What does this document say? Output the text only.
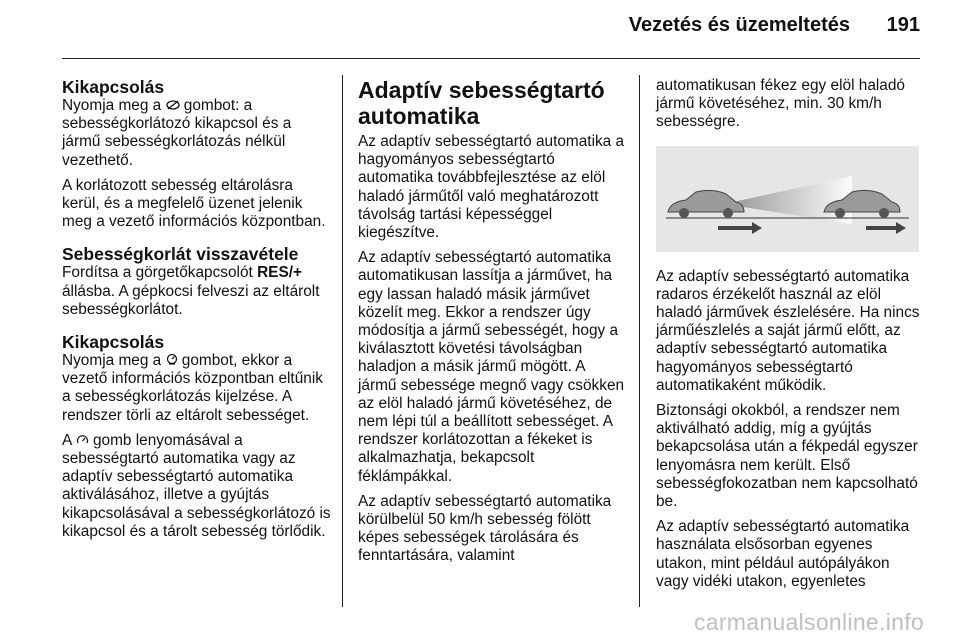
Vezetés és üzemeltetés 191
Kikapcsolás

Nyomja meg a  gombot: a sebességkorlátozó kikapcsol és a jármű sebességkorlátozás nélkül vezethető.

A korlátozott sebesség eltárolásra kerül, és a megfelelő üzenet jelenik meg a vezető információs központban.

Sebességkorlát visszavétele

Fordítsa a görgetőkapcsolót RES/+ állásba. A gépkocsi felveszi az eltárolt sebességkorlátot.

Kikapcsolás

Nyomja meg a  gombot, ekkor a vezető információs központban eltűnik a sebességkorlátozás kijelzése. A rendszer törli az eltárolt sebességet.

A  gomb lenyomásával a sebességtartó automatika vagy az adaptív sebességtartó automatika aktiválásához, illetve a gyújtás kikapcsolásával a sebességkorlátozó is kikapcsol és a tárolt sebesség törlődik.

Adaptív sebességtartó automatika

Az adaptív sebességtartó automatika a hagyományos sebességtartó automatika továbbfejlesztése az elöl haladó járműtől való meghatározott távolság tartási képességgel kiegészítve.

Az adaptív sebességtartó automatika automatikusan lassítja a járművet, ha egy lassan haladó másik járművet közelít meg. Ekkor a rendszer úgy módosítja a jármű sebességét, hogy a kiválasztott követési távolságban haladjon a másik jármű mögött. A jármű sebessége megnő vagy csökken az elöl haladó jármű követéséhez, de nem lépi túl a beállított sebességet. A rendszer korlátozottan a fékeket is alkalmazhatja, bekapcsolt féklámpákkal.

Az adaptív sebességtartó automatika körülbelül 50 km/h sebesség fölött képes sebességek tárolására és fenntartására, valamint

automatikusan fékez egy elöl haladó jármű követéséhez, min. 30 km/h sebességre.

Az adaptív sebességtartó automatika radaros érzékelőt használ az elöl haladó járművek észlelésére. Ha nincs járműészlelés a saját jármű előtt, az adaptív sebességtartó automatika hagyományos sebességtartó automatikaként működik.

Biztonsági okokból, a rendszer nem aktiválható addig, míg a gyújtás bekapcsolása után a fékpedál egyszer lenyomásra nem került. Első sebességfokozatban nem kapcsolható be.

Az adaptív sebességtartó automatika használata elsősorban egyenes utakon, mint például autópályákon vagy vidéki utakon, egyenletes

carmanualsonline.info
